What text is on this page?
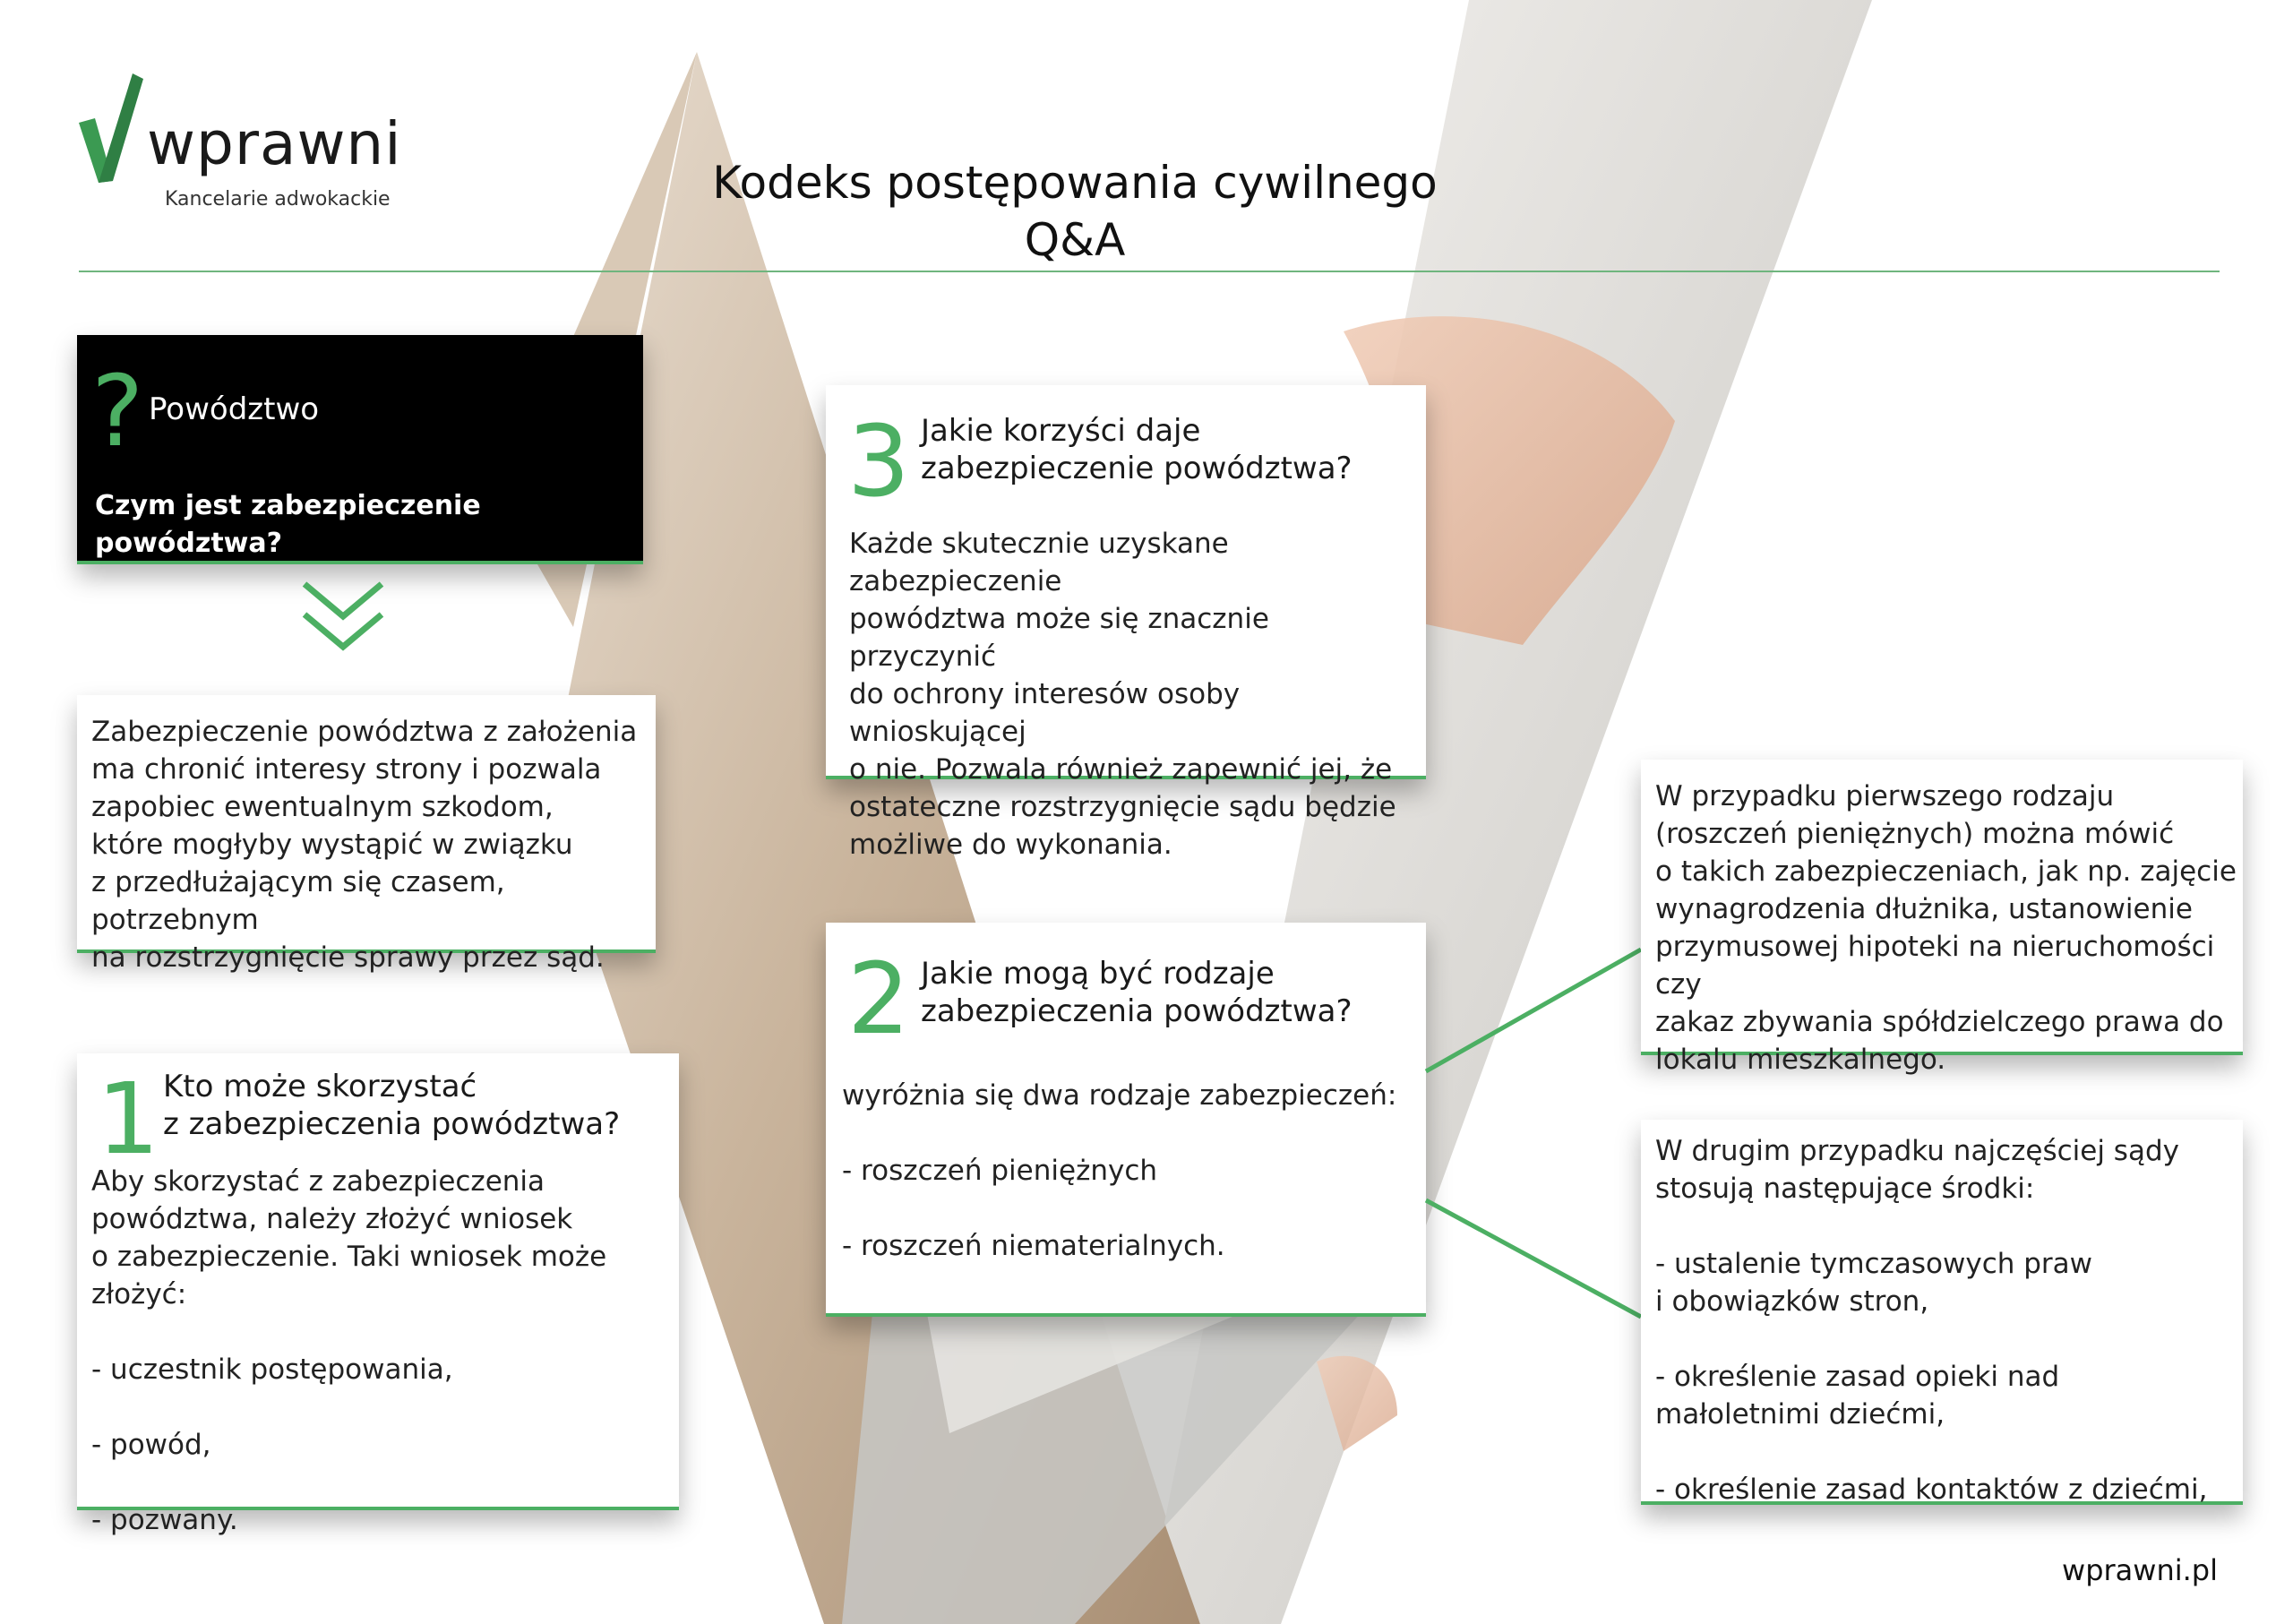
wprawni
Kancelarie adwokackie	Kodeks postępowania cywilnego
Q&A
? Powództwo
Czym jest zabezpieczenie powództwa?
Zabezpieczenie powództwa z założenia
ma chronić interesy strony i pozwala
zapobiec ewentualnym szkodom,
które mogłyby wystąpić w związku
z przedłużającym się czasem, potrzebnym
na rozstrzygnięcie sprawy przez sąd.
1 Kto może skorzystać
z zabezpieczenia powództwa?
Aby skorzystać z zabezpieczenia
powództwa, należy złożyć wniosek
o zabezpieczenie. Taki wniosek może złożyć:

- uczestnik postępowania,

- powód,

- pozwany.
3 Jakie korzyści daje
zabezpieczenie powództwa?
Każde skutecznie uzyskane zabezpieczenie
powództwa może się znacznie przyczynić
do ochrony interesów osoby wnioskującej
o nie. Pozwala również zapewnić jej, że
ostateczne rozstrzygnięcie sądu będzie
możliwe do wykonania.
2 Jakie mogą być rodzaje
zabezpieczenia powództwa?
wyróżnia się dwa rodzaje zabezpieczeń:

- roszczeń pieniężnych

- roszczeń niematerialnych.
W przypadku pierwszego rodzaju
(roszczeń pieniężnych) można mówić
o takich zabezpieczeniach, jak np. zajęcie
wynagrodzenia dłużnika, ustanowienie
przymusowej hipoteki na nieruchomości czy
zakaz zbywania spółdzielczego prawa do
lokalu mieszkalnego.
W drugim przypadku najczęściej sądy
stosują następujące środki:

- ustalenie tymczasowych praw
i obowiązków stron,

- określenie zasad opieki nad
małoletnimi dziećmi,

- określenie zasad kontaktów z dziećmi,
wprawni.pl
